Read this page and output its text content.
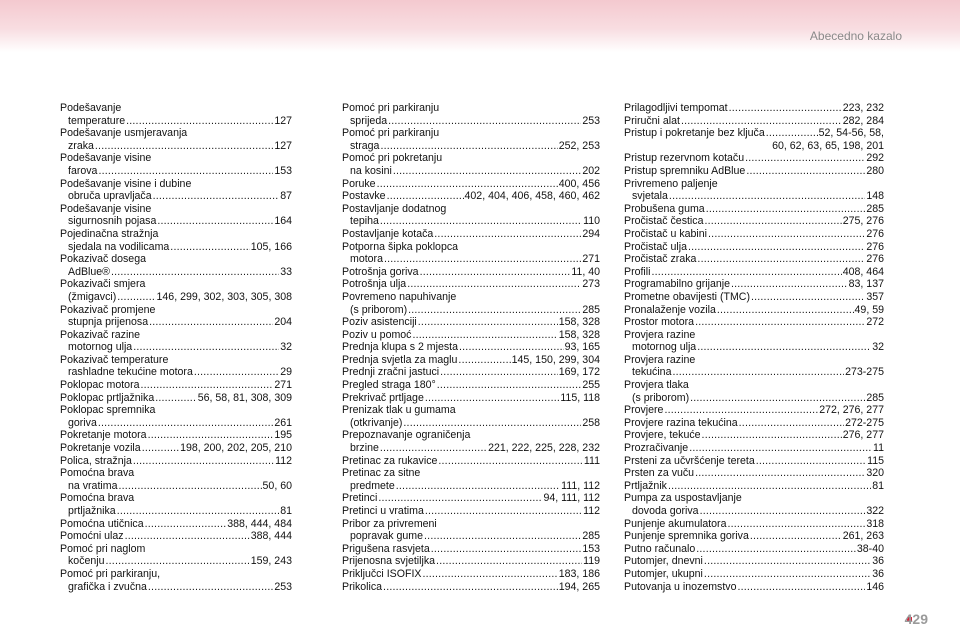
Abecedno kazalo
Podešavanje
temperature .....	127
Podešavanje usmjeravanja
zraka .....	127
Podešavanje visine
farova .....	153
Podešavanje visine i dubine
obruča upravljača .....	87
Podešavanje visine
sigurnosnih pojasa .....	164
Pojedinačna stražnja
sjedala na vodilicama .....	105, 166
Pokazivač dosega
AdBlue® .....	33
Pokazivači smjera
(žmigavci) .....	146, 299, 302, 303, 305, 308
Pokazivač promjene
stupnja prijenosa .....	204
Pokazivač razine
motornog ulja .....	32
Pokazivač temperature
rashladne tekućine motora .....	29
Poklopac motora .....	271
Poklopac prtljažnika .....	56, 58, 81, 308, 309
Poklopac spremnika
goriva .....	261
Pokretanje motora .....	195
Pokretanje vozila .....	198, 200, 202, 205, 210
Polica, stražnja .....	112
Pomoćna brava
na vratima .....	50, 60
Pomoćna brava
prtljažnika .....	81
Pomoćna utičnica .....	388, 444, 484
Pomoćni ulaz .....	388, 444
Pomoć pri naglom
kočenju .....	159, 243
Pomoć pri parkiranju,
grafička i zvučna .....	253
Pomoć pri parkiranju
sprijeda .....	253
Pomoć pri parkiranju
straga .....	252, 253
Pomoć pri pokretanju
na kosini .....	202
Poruke .....	400, 456
Postavke .....	402, 404, 406, 458, 460, 462
Postavljanje dodatnog
tepiha .....	110
Postavljanje kotača .....	294
Potporna šipka poklopca
motora .....	271
Potrošnja goriva .....	11, 40
Potrošnja ulja .....	273
Povremeno napuhivanje
(s priborom) .....	285
Poziv asistenciji .....	158, 328
Poziv u pomoć .....	158, 328
Prednja klupa s 2 mjesta .....	93, 165
Prednja svjetla za maglu .....	145, 150, 299, 304
Prednji zračni jastuci .....	169, 172
Pregled straga 180° .....	255
Prekrivač prtljage .....	115, 118
Prenizak tlak u gumama
(otkrivanje) .....	258
Prepoznavanje ograničenja
brzine .....	221, 222, 225, 228, 232
Pretinac za rukavice .....	111
Pretinac za sitne
predmete .....	111, 112
Pretinci .....	94, 111, 112
Pretinci u vratima .....	112
Pribor za privremeni
popravak gume .....	285
Prigušena rasvjeta .....	153
Prijenosna svjetiljka .....	119
Priključci ISOFIX .....	183, 186
Prikolica .....	194, 265
Prilagodljivi tempomat .....	223, 232
Priručni alat .....	282, 284
Pristup i pokretanje bez ključa .....	52, 54-56, 58,
60, 62, 63, 65, 198, 201
Pristup rezervnom kotaču .....	292
Pristup spremniku AdBlue .....	280
Privremeno paljenje
svjetala .....	148
Probušena guma .....	285
Pročistač čestica .....	275, 276
Pročistač u kabini .....	276
Pročistač ulja .....	276
Pročistač zraka .....	276
Profili .....	408, 464
Programabilno grijanje .....	83, 137
Prometne obavijesti (TMC) .....	357
Pronalaženje vozila .....	49, 59
Prostor motora .....	272
Provjera razine
motornog ulja .....	32
Provjera razine
tekućina .....	273-275
Provjera tlaka
(s priborom) .....	285
Provjere .....	272, 276, 277
Provjere razina tekućina .....	272-275
Provjere, tekuće .....	276, 277
Prozračivanje .....	11
Prsteni za učvršćenje tereta .....	115
Prsten za vuču .....	320
Prtljažnik .....	81
Pumpa za uspostavljanje
dovoda goriva .....	322
Punjenje akumulatora .....	318
Punjenje spremnika goriva .....	261, 263
Putno računalo .....	38-40
Putomjer, dnevni .....	36
Putomjer, ukupni .....	36
Putovanja u inozemstvo .....	146
429
